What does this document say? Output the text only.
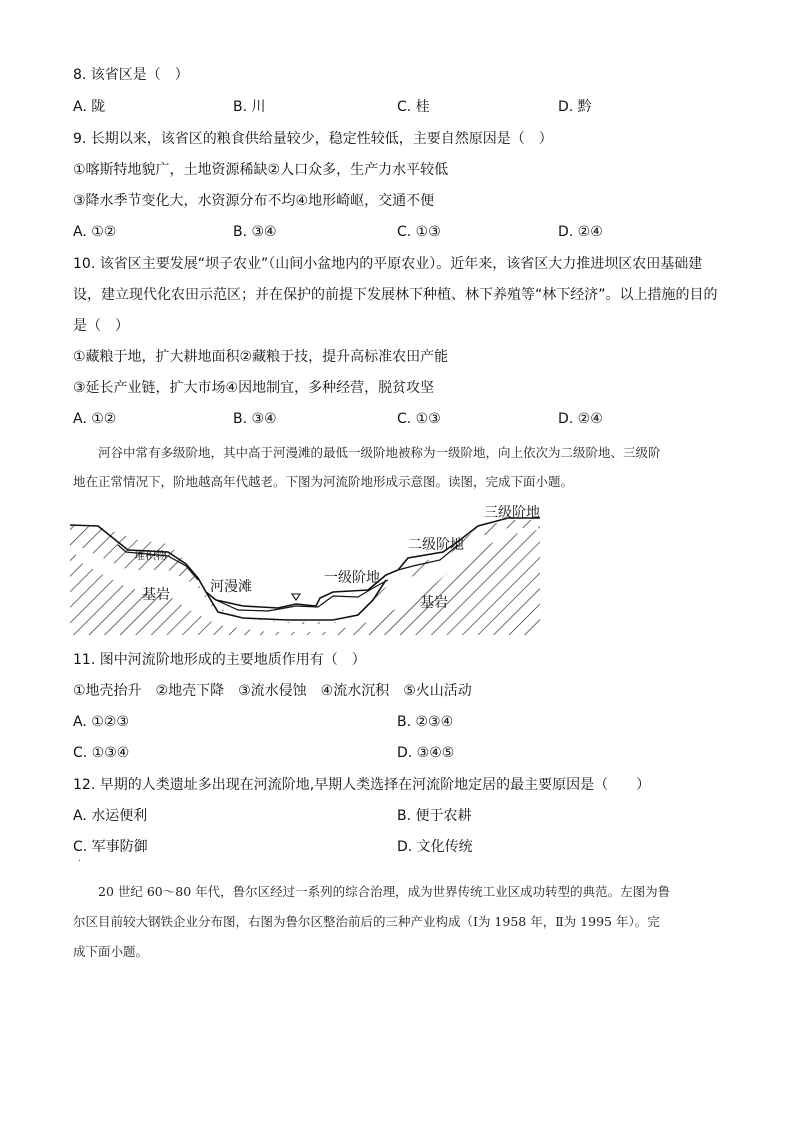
8. 该省区是（　）
A. 陇	B. 川	C. 桂	D. 黔
9. 长期以来，该省区的粮食供给量较少，稳定性较低，主要自然原因是（　）
①喀斯特地貌广，土地资源稀缺②人口众多，生产力水平较低
③降水季节变化大，水资源分布不均④地形崎岖，交通不便
A. ①②	B. ③④	C. ①③	D. ②④
10. 该省区主要发展“坝子农业”（山间小盆地内的平原农业）。近年来，该省区大力推进坝区农田基础建
设，建立现代化农田示范区；并在保护的前提下发展林下种植、林下养殖等“林下经济”。以上措施的目的
是（　）
①藏粮于地，扩大耕地面积②藏粮于技，提升高标准农田产能
③延长产业链，扩大市场④因地制宜，多种经营，脱贫攻坚
A. ①②	B. ③④	C. ①③	D. ②④
　　河谷中常有多级阶地，其中高于河漫滩的最低一级阶地被称为一级阶地，向上依次为二级阶地、三级阶
地在正常情况下，阶地越高年代越老。下图为河流阶地形成示意图。读图，完成下面小题。
堆积物
河漫滩
一级阶地
二级阶地
三级阶地
基岩	基岩
11. 图中河流阶地形成的主要地质作用有（　）
①地壳抬升　②地壳下降　③流水侵蚀　④流水沉积　⑤火山活动
A. ①②③	B. ②③④
C. ①③④	D. ③④⑤
12. 早期的人类遗址多出现在河流阶地,早期人类选择在河流阶地定居的最主要原因是（　　）
A. 水运便利	B. 便于农耕
C. 军事防御	D. 文化传统
·
　　20 世纪 60～80 年代，鲁尔区经过一系列的综合治理，成为世界传统工业区成功转型的典范。左图为鲁
尔区目前较大钢铁企业分布图，右图为鲁尔区整治前后的三种产业构成（Ⅰ为 1958 年，Ⅱ为 1995 年）。完
成下面小题。
